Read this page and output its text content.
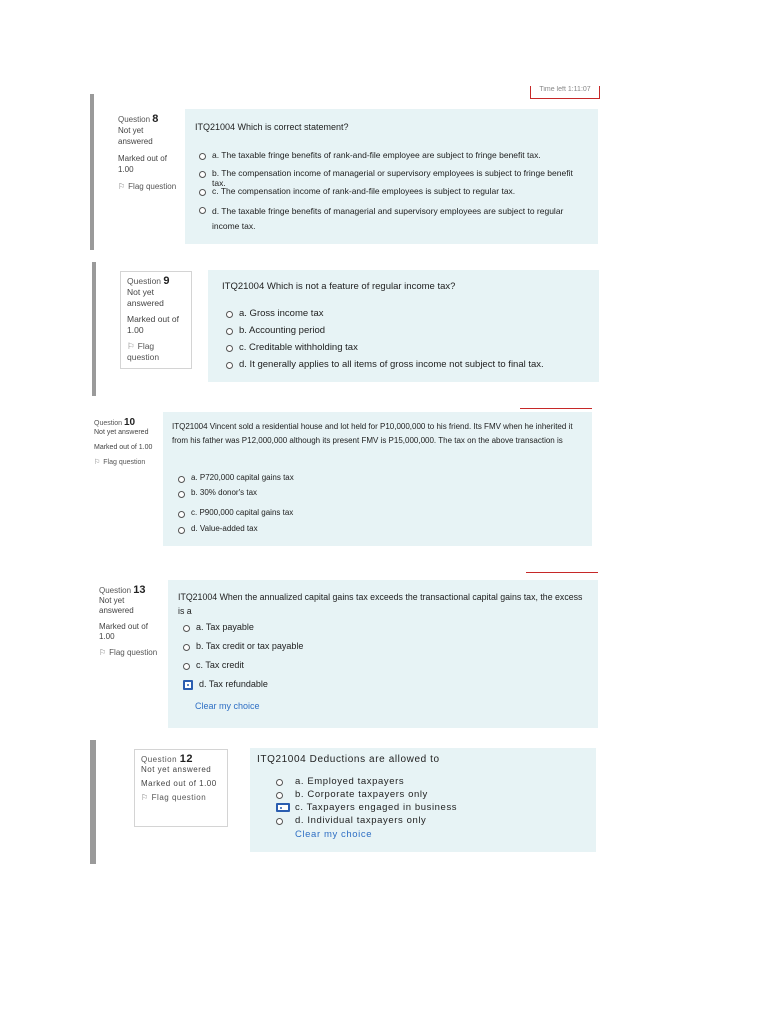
Time left 1:11:07
Question 8
Not yet answered
Marked out of 1.00
⚐ Flag question
ITQ21004 Which is correct statement?
a. The taxable fringe benefits of rank-and-file employee are subject to fringe benefit tax.
b. The compensation income of managerial or supervisory employees is subject to fringe benefit tax.
c. The compensation income of rank-and-file employees is subject to regular tax.
d. The taxable fringe benefits of managerial and supervisory employees are subject to regular income tax.
Question 9
Not yet answered
Marked out of 1.00
⚐ Flag question
ITQ21004 Which is not a feature of regular income tax?
a. Gross income tax
b. Accounting period
c. Creditable withholding tax
d. It generally applies to all items of gross income not subject to final tax.
Question 10
Not yet answered
Marked out of 1.00
⚐ Flag question
ITQ21004 Vincent sold a residential house and lot held for P10,000,000 to his friend. Its FMV when he inherited it from his father was P12,000,000 although its present FMV is P15,000,000. The tax on the above transaction is
a. P720,000 capital gains tax
b. 30% donor's tax
c. P900,000 capital gains tax
d. Value-added tax
Question 13
Not yet answered
Marked out of 1.00
⚐ Flag question
ITQ21004 When the annualized capital gains tax exceeds the transactional capital gains tax, the excess is a
a. Tax payable
b. Tax credit or tax payable
c. Tax credit
d. Tax refundable
Clear my choice
Question 12
Not yet answered
Marked out of 1.00
⚐ Flag question
ITQ21004 Deductions are allowed to
a. Employed taxpayers
b. Corporate taxpayers only
c. Taxpayers engaged in business
d. Individual taxpayers only
Clear my choice
